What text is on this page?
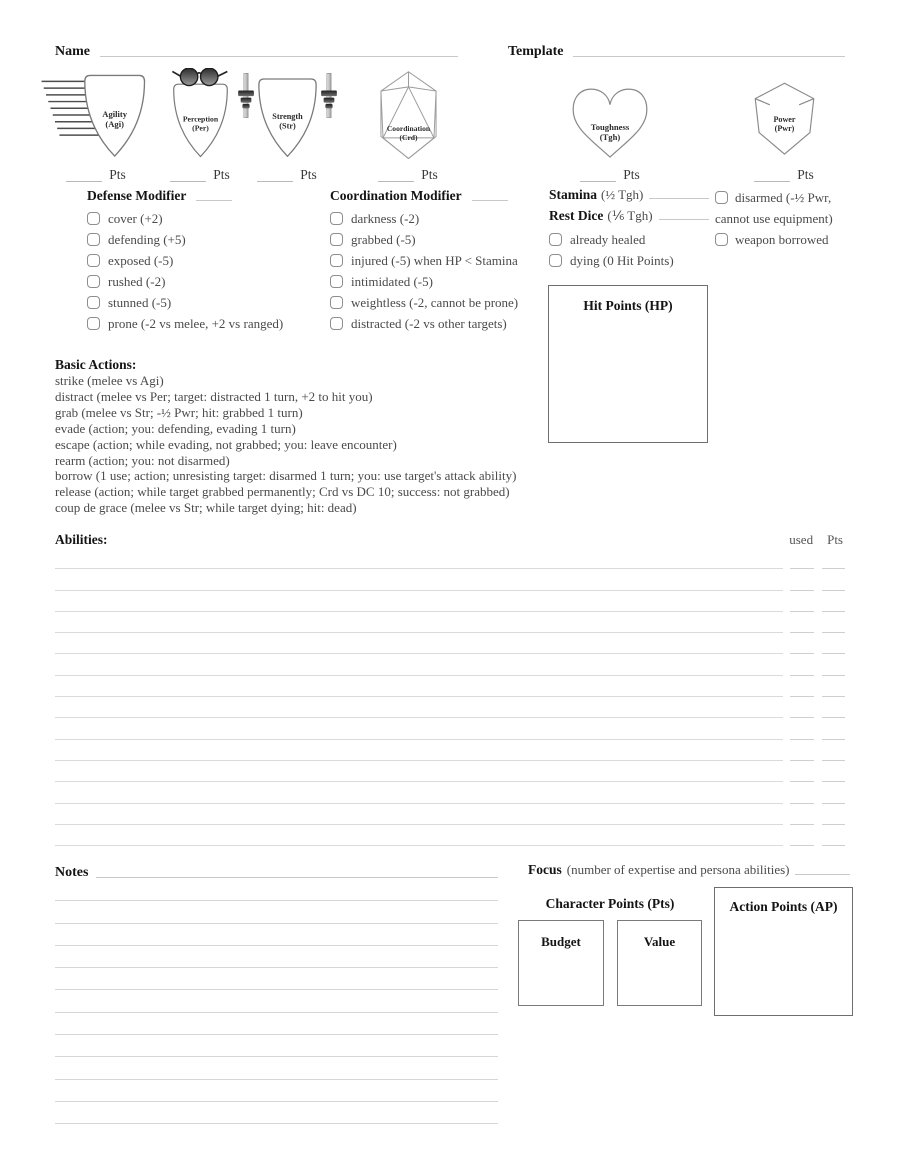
Name	Template
Agility
(Agi)
Pts
Perception
(Per)
Pts
Strength
(Str)
Pts
Coordination
(Crd)
Pts
Toughness
(Tgh)
Pts
Power
(Pwr)
Pts
Defense Modifier
cover (+2)
defending (+5)
exposed (-5)
rushed (-2)
stunned (-5)
prone (-2 vs melee, +2 vs ranged)
Coordination Modifier
darkness (-2)
grabbed (-5)
injured (-5) when HP < Stamina
intimidated (-5)
weightless (-2, cannot be prone)
distracted (-2 vs other targets)
Stamina (½ Tgh)
Rest Dice (⅙ Tgh)
already healed
dying (0 Hit Points)
disarmed (-½ Pwr, cannot use equipment)
weapon borrowed
Hit Points (HP)
Basic Actions:
strike (melee vs Agi)
distract (melee vs Per; target: distracted 1 turn, +2 to hit you)
grab (melee vs Str; -½ Pwr; hit: grabbed 1 turn)
evade (action; you: defending, evading 1 turn)
escape (action; while evading, not grabbed; you: leave encounter)
rearm (action; you: not disarmed)
borrow (1 use; action; unresisting target: disarmed 1 turn; you: use target's attack ability)
release (action; while target grabbed permanently; Crd vs DC 10; success: not grabbed)
coup de grace (melee vs Str; while target dying; hit: dead)
Abilities:	used Pts
Notes	Focus (number of expertise and persona abilities)
Character Points (Pts)
Budget	Value
Action Points (AP)
